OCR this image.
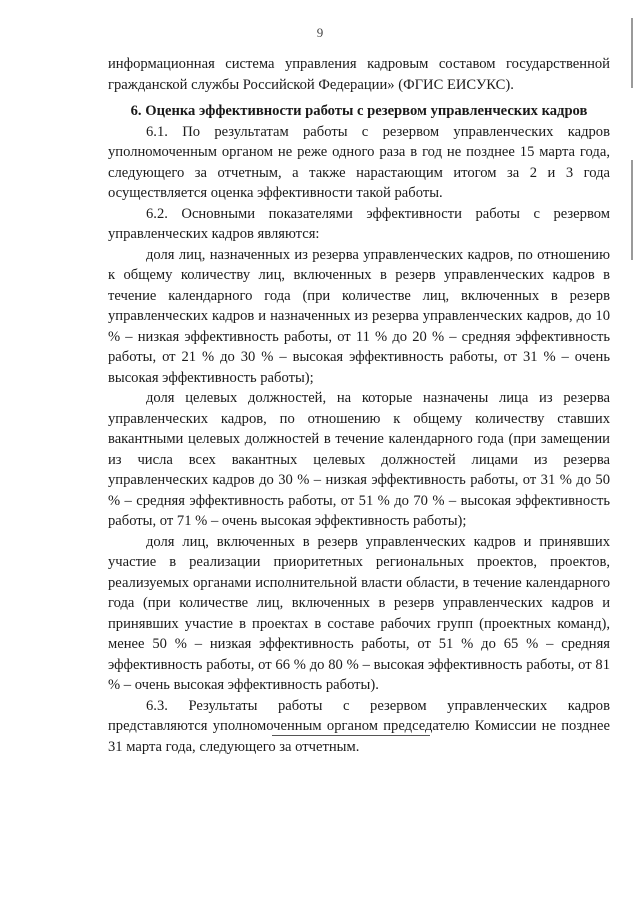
9

информационная система управления кадровым составом государственной гражданской службы Российской Федерации» (ФГИС ЕИСУКС).

6. Оценка эффективности работы с резервом управленческих кадров

6.1. По результатам работы с резервом управленческих кадров уполномоченным органом не реже одного раза в год не позднее 15 марта года, следующего за отчетным, а также нарастающим итогом за 2 и 3 года осуществляется оценка эффективности такой работы.

6.2. Основными показателями эффективности работы с резервом управленческих кадров являются:

доля лиц, назначенных из резерва управленческих кадров, по отношению к общему количеству лиц, включенных в резерв управленческих кадров в течение календарного года (при количестве лиц, включенных в резерв управленческих кадров и назначенных из резерва управленческих кадров, до 10 % – низкая эффективность работы, от 11 % до 20 % – средняя эффективность работы, от 21 % до 30 % – высокая эффективность работы, от 31 % – очень высокая эффективность работы);

доля целевых должностей, на которые назначены лица из резерва управленческих кадров, по отношению к общему количеству ставших вакантными целевых должностей в течение календарного года (при замещении из числа всех вакантных целевых должностей лицами из резерва управленческих кадров до 30 % – низкая эффективность работы, от 31 % до 50 % – средняя эффективность работы, от 51 % до 70 % – высокая эффективность работы, от 71 % – очень высокая эффективность работы);

доля лиц, включенных в резерв управленческих кадров и принявших участие в реализации приоритетных региональных проектов, проектов, реализуемых органами исполнительной власти области, в течение календарного года (при количестве лиц, включенных в резерв управленческих кадров и принявших участие в проектах в составе рабочих групп (проектных команд), менее 50 % – низкая эффективность работы, от 51 % до 65 % – средняя эффективность работы, от 66 % до 80 % – высокая эффективность работы, от 81 % – очень высокая эффективность работы).

6.3. Результаты работы с резервом управленческих кадров представляются уполномоченным органом председателю Комиссии не позднее 31 марта года, следующего за отчетным.
